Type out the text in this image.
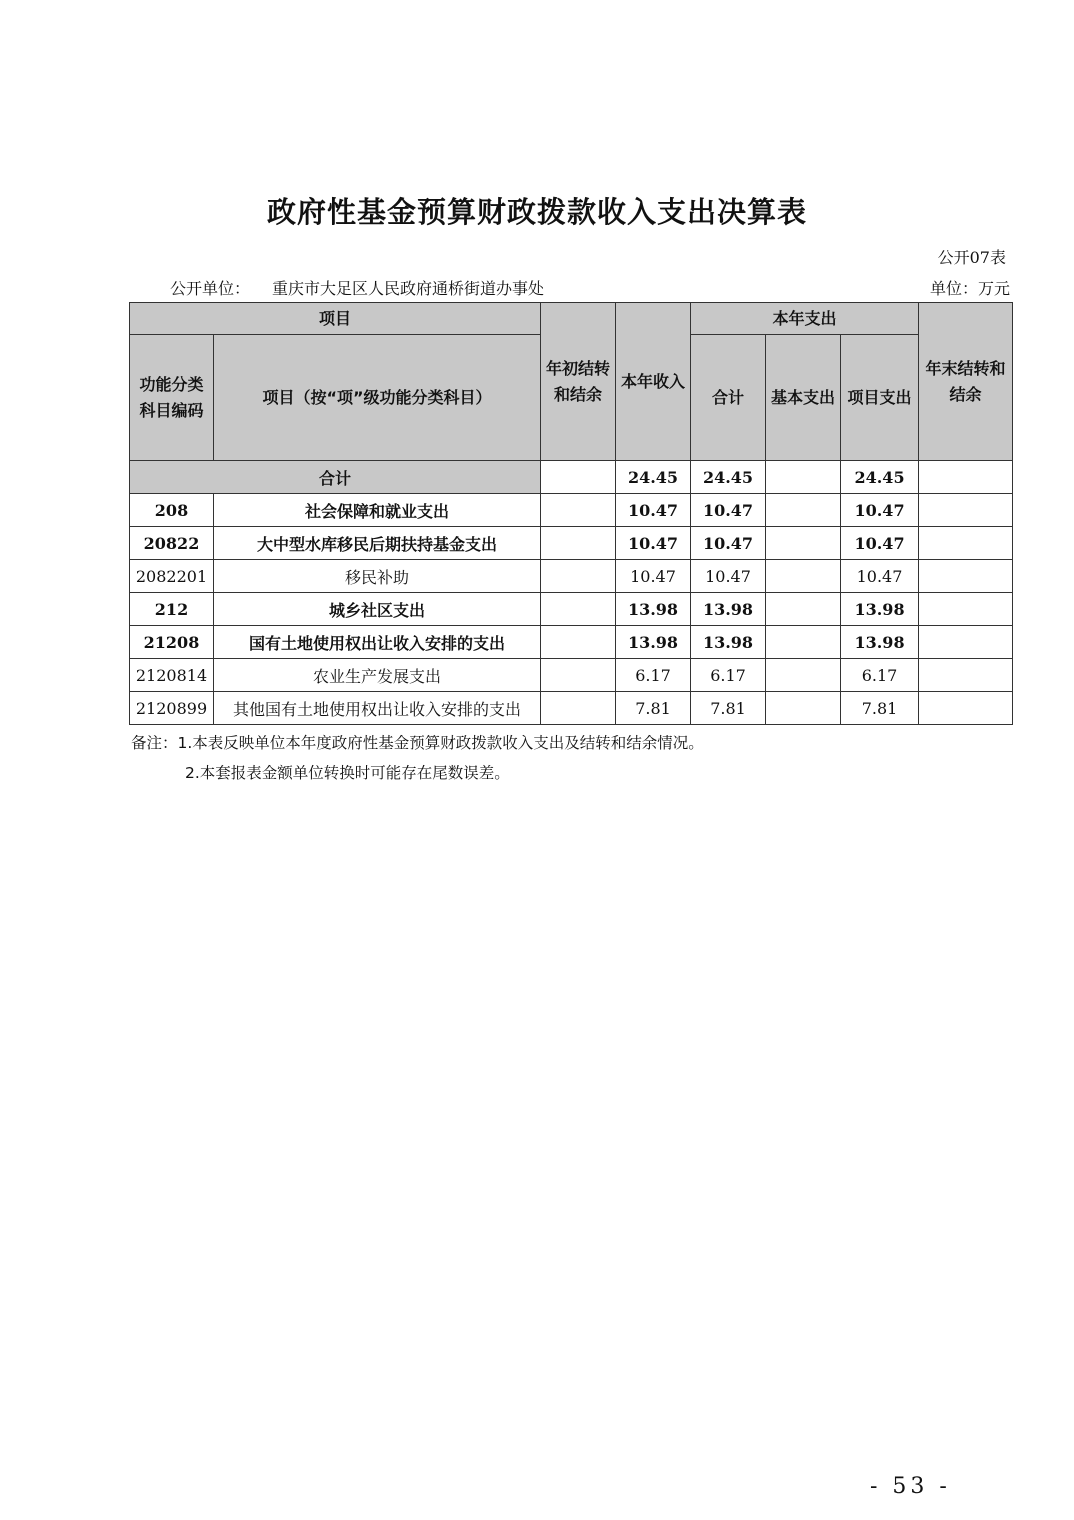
政府性基金预算财政拨款收入支出决算表
公开07表
公开单位： 重庆市大足区人民政府通桥街道办事处	单位：万元
项目		年初结转和结余	本年收入	本年支出			年末结转和结余
功能分类科目编码	项目（按“项”级功能分类科目）			合计	基本支出	项目支出	
合计			24.45	24.45		24.45	
208	社会保障和就业支出		10.47	10.47		10.47	
20822	大中型水库移民后期扶持基金支出		10.47	10.47		10.47	
2082201	移民补助		10.47	10.47		10.47	
212	城乡社区支出		13.98	13.98		13.98	
21208	国有土地使用权出让收入安排的支出		13.98	13.98		13.98	
2120814	农业生产发展支出		6.17	6.17		6.17	
2120899	其他国有土地使用权出让收入安排的支出		7.81	7.81		7.81	
备注：1.本表反映单位本年度政府性基金预算财政拨款收入支出及结转和结余情况。
2.本套报表金额单位转换时可能存在尾数误差。
- 53 -
